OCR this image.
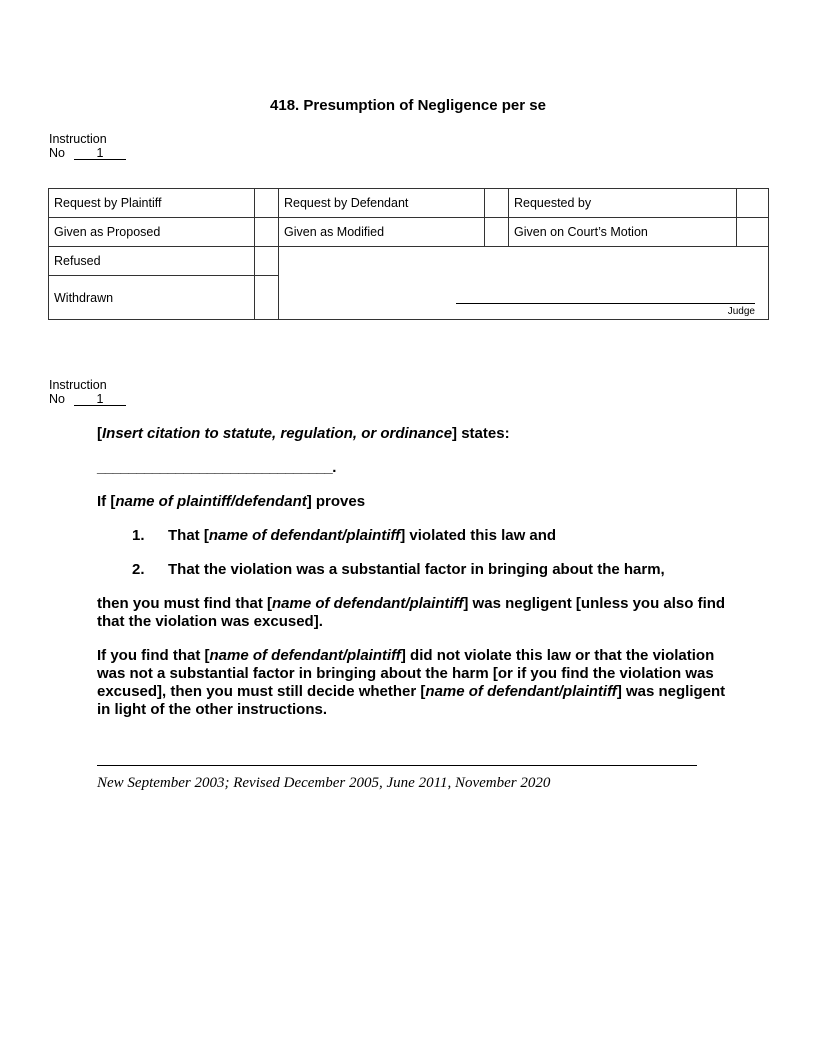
418. Presumption of Negligence per se
Instruction
No	1
Request by Plaintiff		Request by Defendant		Requested by	
Given as Proposed		Given as Modified		Given on Court’s Motion	
Refused		Judge			

Withdrawn					
Instruction
No	1

[Insert citation to statute, regulation, or ordinance] states:

______________________________.

If [name of plaintiff/defendant] proves

1.	That [name of defendant/plaintiff] violated this law and
2.	That the violation was a substantial factor in bringing about the harm,

then you must find that [name of defendant/plaintiff] was negligent [unless you also find that the violation was excused].

If you find that [name of defendant/plaintiff] did not violate this law or that the violation was not a substantial factor in bringing about the harm [or if you find the violation was excused], then you must still decide whether [name of defendant/plaintiff] was negligent in light of the other instructions.

New September 2003; Revised December 2005, June 2011, November 2020
